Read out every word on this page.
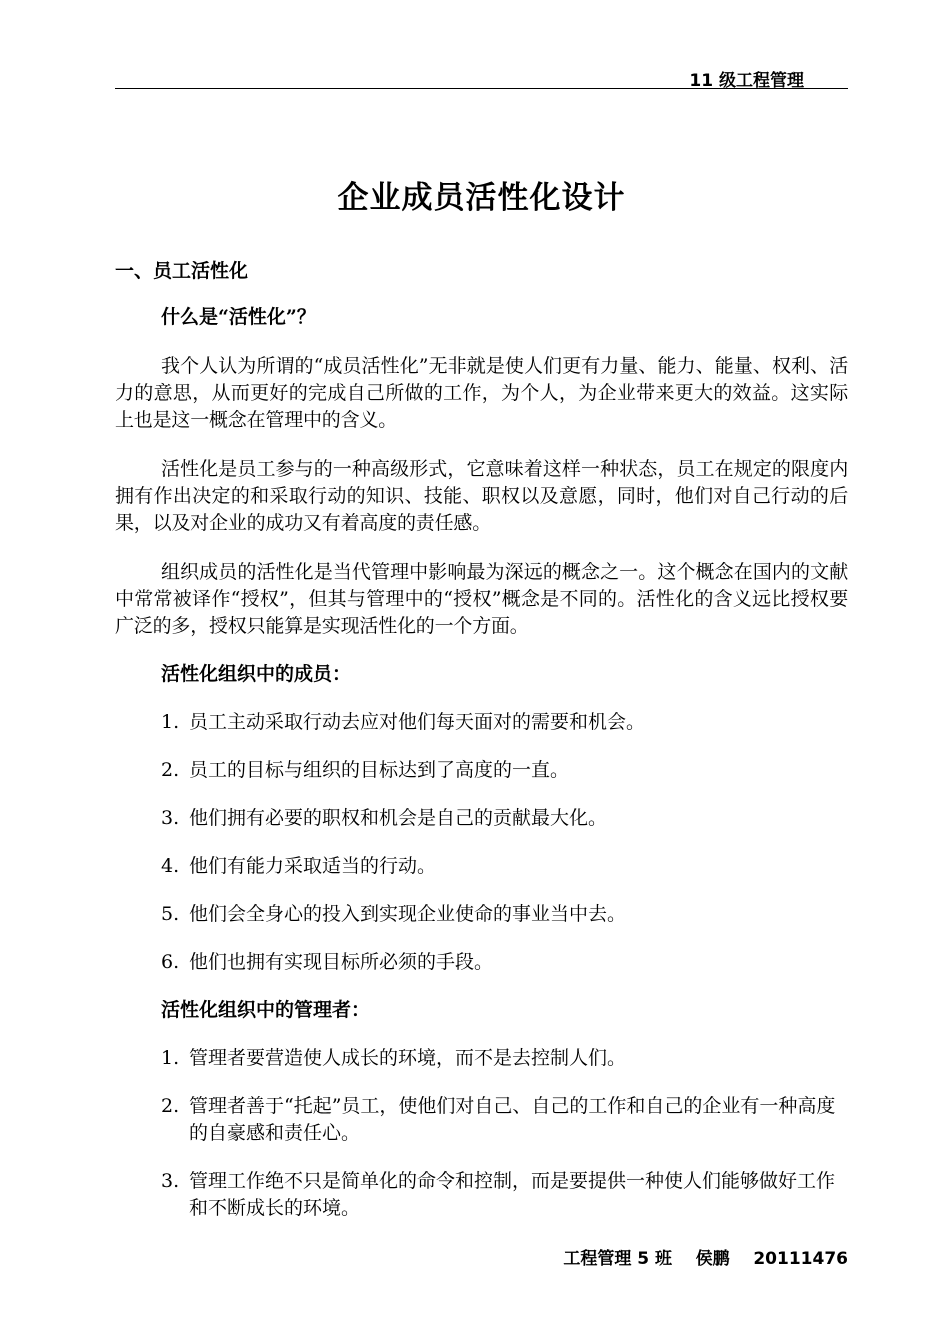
11 级工程管理
企业成员活性化设计

一、员工活性化

什么是“活性化”？

我个人认为所谓的“成员活性化”无非就是使人们更有力量、能力、能量、权利、活力的意思，从而更好的完成自己所做的工作，为个人，为企业带来更大的效益。这实际上也是这一概念在管理中的含义。

活性化是员工参与的一种高级形式，它意味着这样一种状态，员工在规定的限度内拥有作出决定的和采取行动的知识、技能、职权以及意愿，同时，他们对自己行动的后果，以及对企业的成功又有着高度的责任感。

组织成员的活性化是当代管理中影响最为深远的概念之一。这个概念在国内的文献中常常被译作“授权”，但其与管理中的“授权”概念是不同的。活性化的含义远比授权要广泛的多，授权只能算是实现活性化的一个方面。

活性化组织中的成员：

1. 员工主动采取行动去应对他们每天面对的需要和机会。
2. 员工的目标与组织的目标达到了高度的一直。
3. 他们拥有必要的职权和机会是自己的贡献最大化。
4. 他们有能力采取适当的行动。
5. 他们会全身心的投入到实现企业使命的事业当中去。
6. 他们也拥有实现目标所必须的手段。

活性化组织中的管理者：

1. 管理者要营造使人成长的环境，而不是去控制人们。
2. 管理者善于“托起”员工，使他们对自己、自己的工作和自己的企业有一种高度的自豪感和责任心。
3. 管理工作绝不只是简单化的命令和控制，而是要提供一种使人们能够做好工作和不断成长的环境。
工程管理 5 班    侯鹏    20111476
